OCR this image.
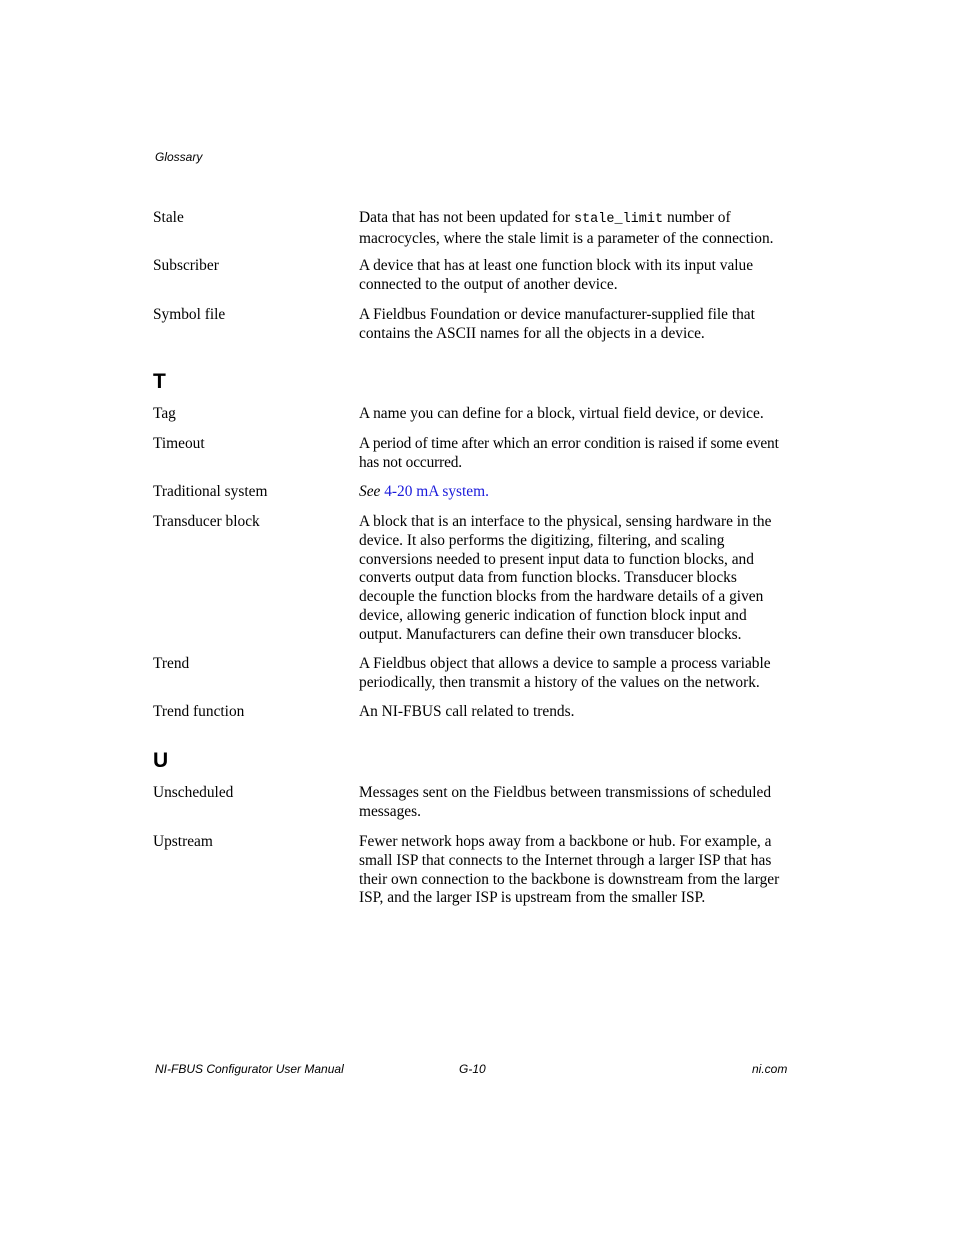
Glossary
Stale	Data that has not been updated for stale_limit number of macrocycles, where the stale limit is a parameter of the connection.
Subscriber	A device that has at least one function block with its input value connected to the output of another device.
Symbol file	A Fieldbus Foundation or device manufacturer-supplied file that contains the ASCII names for all the objects in a device.
T
Tag	A name you can define for a block, virtual field device, or device.
Timeout	A period of time after which an error condition is raised if some event has not occurred.
Traditional system	See 4-20 mA system.
Transducer block	A block that is an interface to the physical, sensing hardware in the device. It also performs the digitizing, filtering, and scaling conversions needed to present input data to function blocks, and converts output data from function blocks. Transducer blocks decouple the function blocks from the hardware details of a given device, allowing generic indication of function block input and output. Manufacturers can define their own transducer blocks.
Trend	A Fieldbus object that allows a device to sample a process variable periodically, then transmit a history of the values on the network.
Trend function	An NI-FBUS call related to trends.
U
Unscheduled	Messages sent on the Fieldbus between transmissions of scheduled messages.
Upstream	Fewer network hops away from a backbone or hub. For example, a small ISP that connects to the Internet through a larger ISP that has their own connection to the backbone is downstream from the larger ISP, and the larger ISP is upstream from the smaller ISP.
NI-FBUS Configurator User Manual	G-10	ni.com
